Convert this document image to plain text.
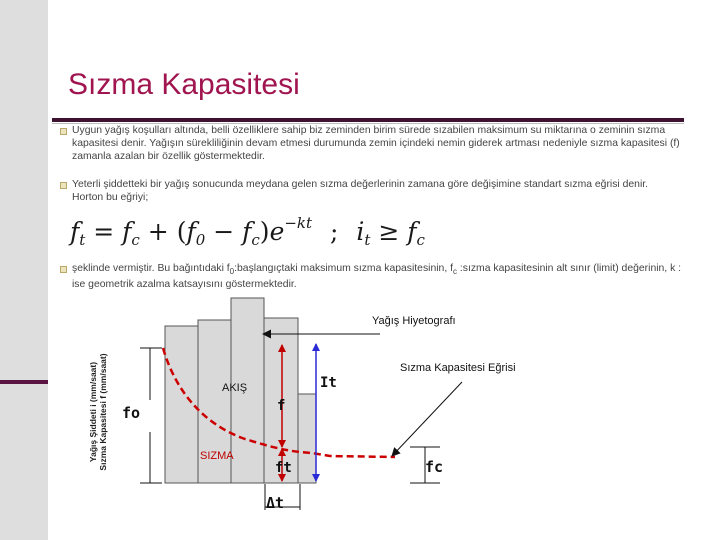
Sızma Kapasitesi
Uygun yağış koşulları altında, belli özelliklere sahip biz zeminden birim sürede sızabilen maksimum su miktarına o zeminin sızma kapasitesi denir. Yağışın sürekliliğinin devam etmesi durumunda zemin içindeki nemin giderek artması nedeniyle sızma kapasitesi (f) zamanla azalan bir özellik göstermektedir.
Yeterli şiddetteki bir yağış sonucunda meydana gelen sızma değerlerinin zamana göre değişimine standart sızma eğrisi denir. Horton bu eğriyi;
$f_t = f_c + (f_0 - f_c)e^{-kt}$ ; $i_t \ge f_c$
şeklinde vermiştir. Bu bağıntıdaki $f_0:başlangıçtaki$ maksimum sızma kapasitesinin, $f_c$ :sızma kapasitesinin alt sınır (limit) değerinin, k : ise geometrik azalma katsayısını göstermektedir.
Yağış Şiddeti i (mm/saat) Sızma Kapasitesi f (mm/saat)
Yağış Hiyetografı
Sızma Kapasitesi Eğrisi
AKIŞ
SIZMA
fo
fc
It
f
ft
Δt
